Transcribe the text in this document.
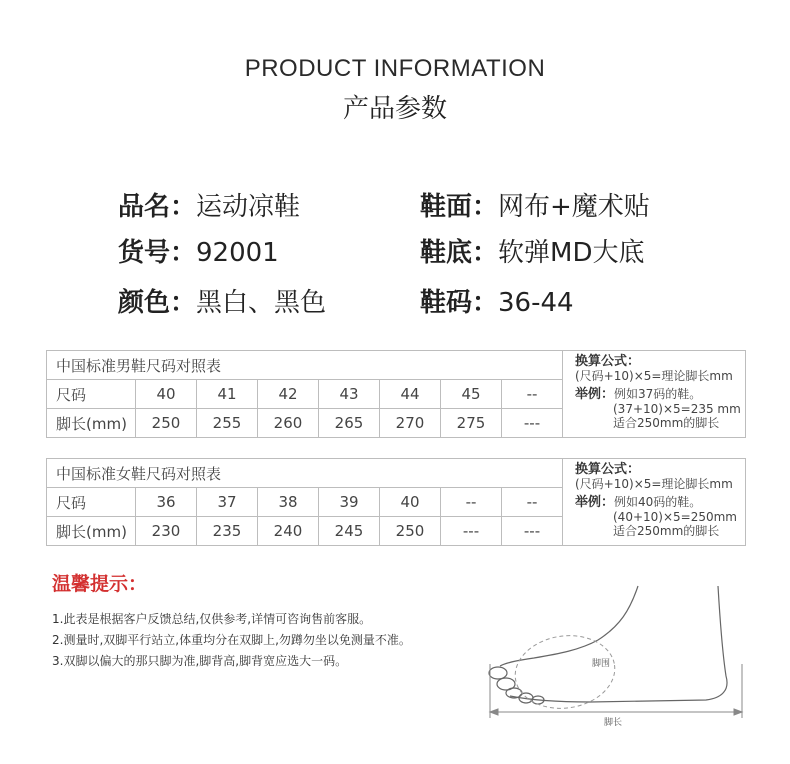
PRODUCT INFORMATION
产品参数
品名：运动凉鞋	鞋面：网布+魔术贴
货号：92001	鞋底：软弹MD大底
颜色：黑白、黑色	鞋码：36-44
中国标准男鞋尺码对照表								换算公式：
(尺码+10)×5=理论脚长mm

举例：例如37码的鞋。
(37+10)×5=235 mm
适合250mm的脚长

尺码	40	41	42	43	44	45	--	
脚长(mm)	250	255	260	265	270	275	---	
中国标准女鞋尺码对照表								换算公式：
(尺码+10)×5=理论脚长mm

举例：例如40码的鞋。
(40+10)×5=250mm
适合250mm的脚长

尺码	36	37	38	39	40	--	--	
脚长(mm)	230	235	240	245	250	---	---	
温馨提示：
1.此表是根据客户反馈总结,仅供参考,详情可咨询售前客服。
2.测量时,双脚平行站立,体重均分在双脚上,勿蹲勿坐以免测量不准。
3.双脚以偏大的那只脚为准,脚背高,脚背宽应选大一码。	脚围
脚长
